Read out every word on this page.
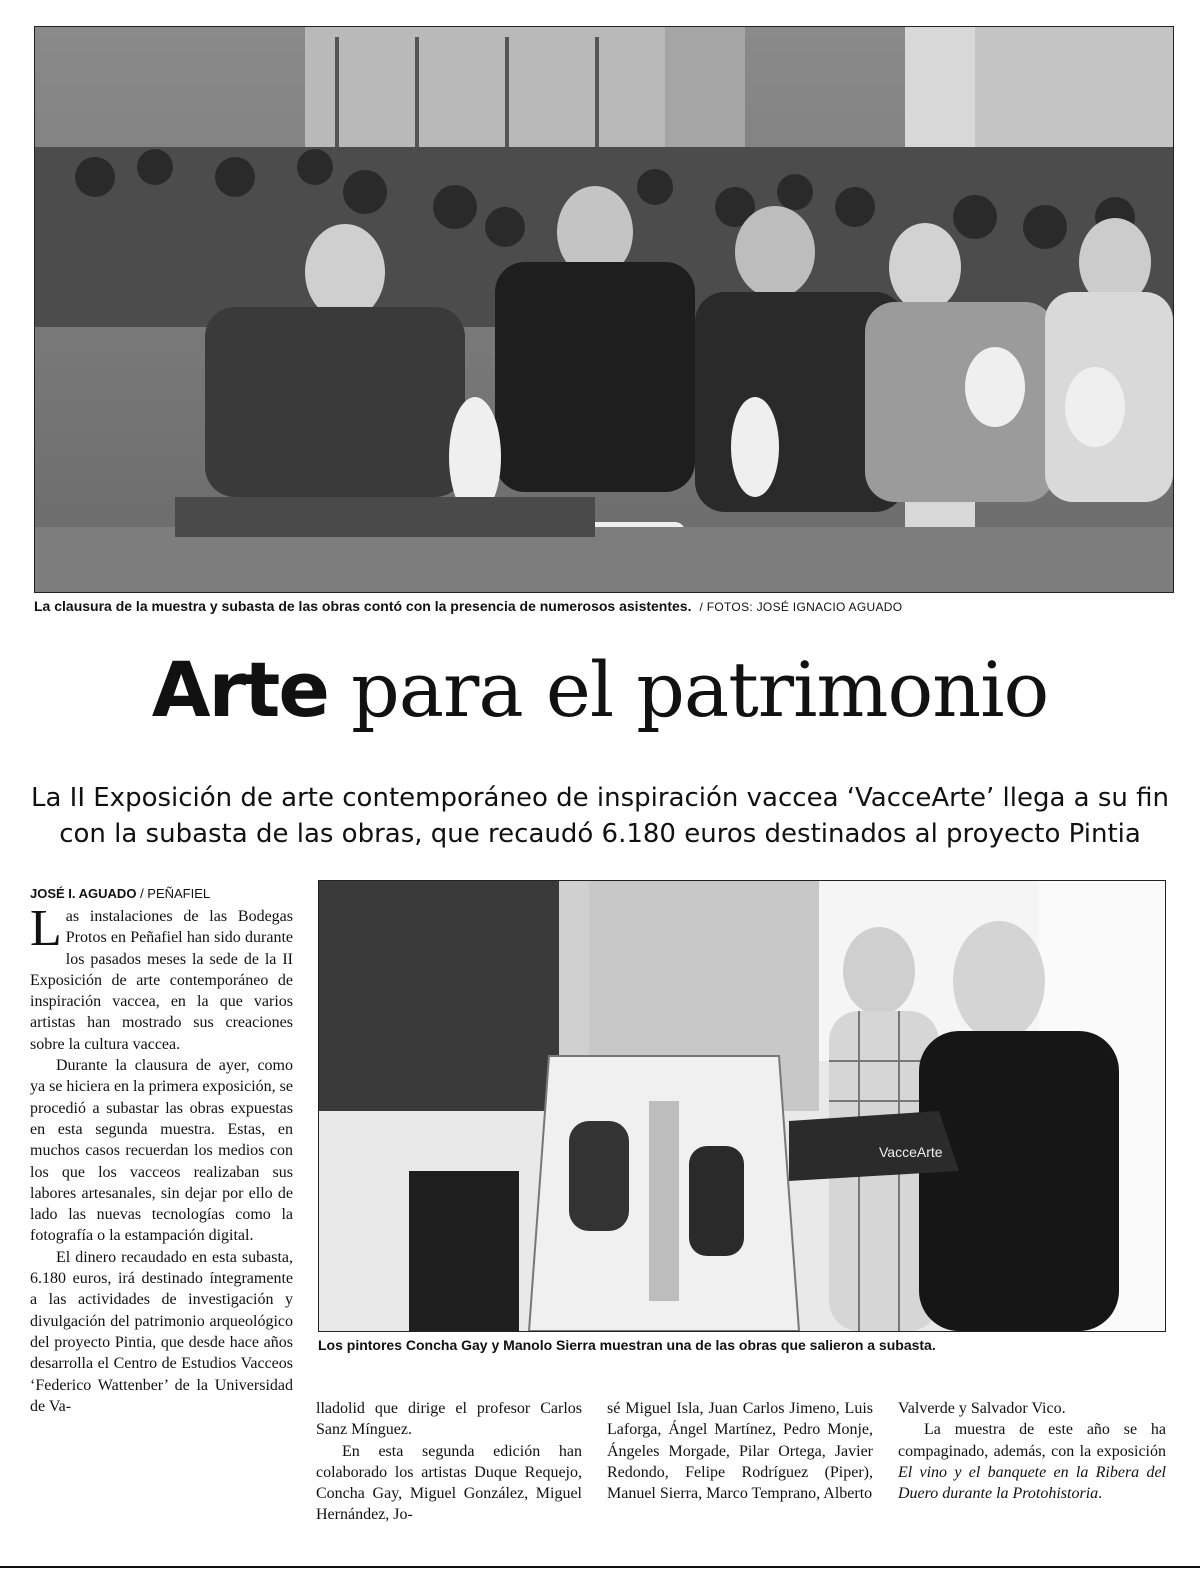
La clausura de la muestra y subasta de las obras contó con la presencia de numerosos asistentes. / FOTOS: JOSÉ IGNACIO AGUADO
Arte para el patrimonio
La II Exposición de arte contemporáneo de inspiración vaccea ‘VacceArte’ llega a su fin con la subasta de las obras, que recaudó 6.180 euros destinados al proyecto Pintia
JOSÉ I. AGUADO / PEÑAFIEL
VacceArte
Los pintores Concha Gay y Manolo Sierra muestran una de las obras que salieron a subasta.

Las instalaciones de las Bodegas Protos en Peñafiel han sido durante los pasados meses la sede de la II Exposición de arte contemporáneo de inspiración vaccea, en la que varios artistas han mostrado sus creaciones sobre la cultura vaccea.

Durante la clausura de ayer, como ya se hiciera en la primera exposición, se procedió a subastar las obras expuestas en esta segunda muestra. Estas, en muchos casos recuerdan los medios con los que los vacceos realizaban sus labores artesanales, sin dejar por ello de lado las nuevas tecnologías como la fotografía o la estampación digital.

El dinero recaudado en esta subasta, 6.180 euros, irá destinado íntegramente a las actividades de investigación y divulgación del patrimonio arqueológico del proyecto Pintia, que desde hace años desarrolla el Centro de Estudios Vacceos ‘Federico Wattenber’ de la Universidad de Va-	lladolid que dirige el profesor Carlos Sanz Mínguez.

En esta segunda edición han colaborado los artistas Duque Requejo, Concha Gay, Miguel González, Miguel Hernández, Jo-

sé Miguel Isla, Juan Carlos Jimeno, Luis Laforga, Ángel Martínez, Pedro Monje, Ángeles Morgade, Pilar Ortega, Javier Redondo, Felipe Rodríguez (Piper), Manuel Sierra, Marco Temprano, Alberto

Valverde y Salvador Vico.

La muestra de este año se ha compaginado, además, con la exposición El vino y el banquete en la Ribera del Duero durante la Protohistoria.
